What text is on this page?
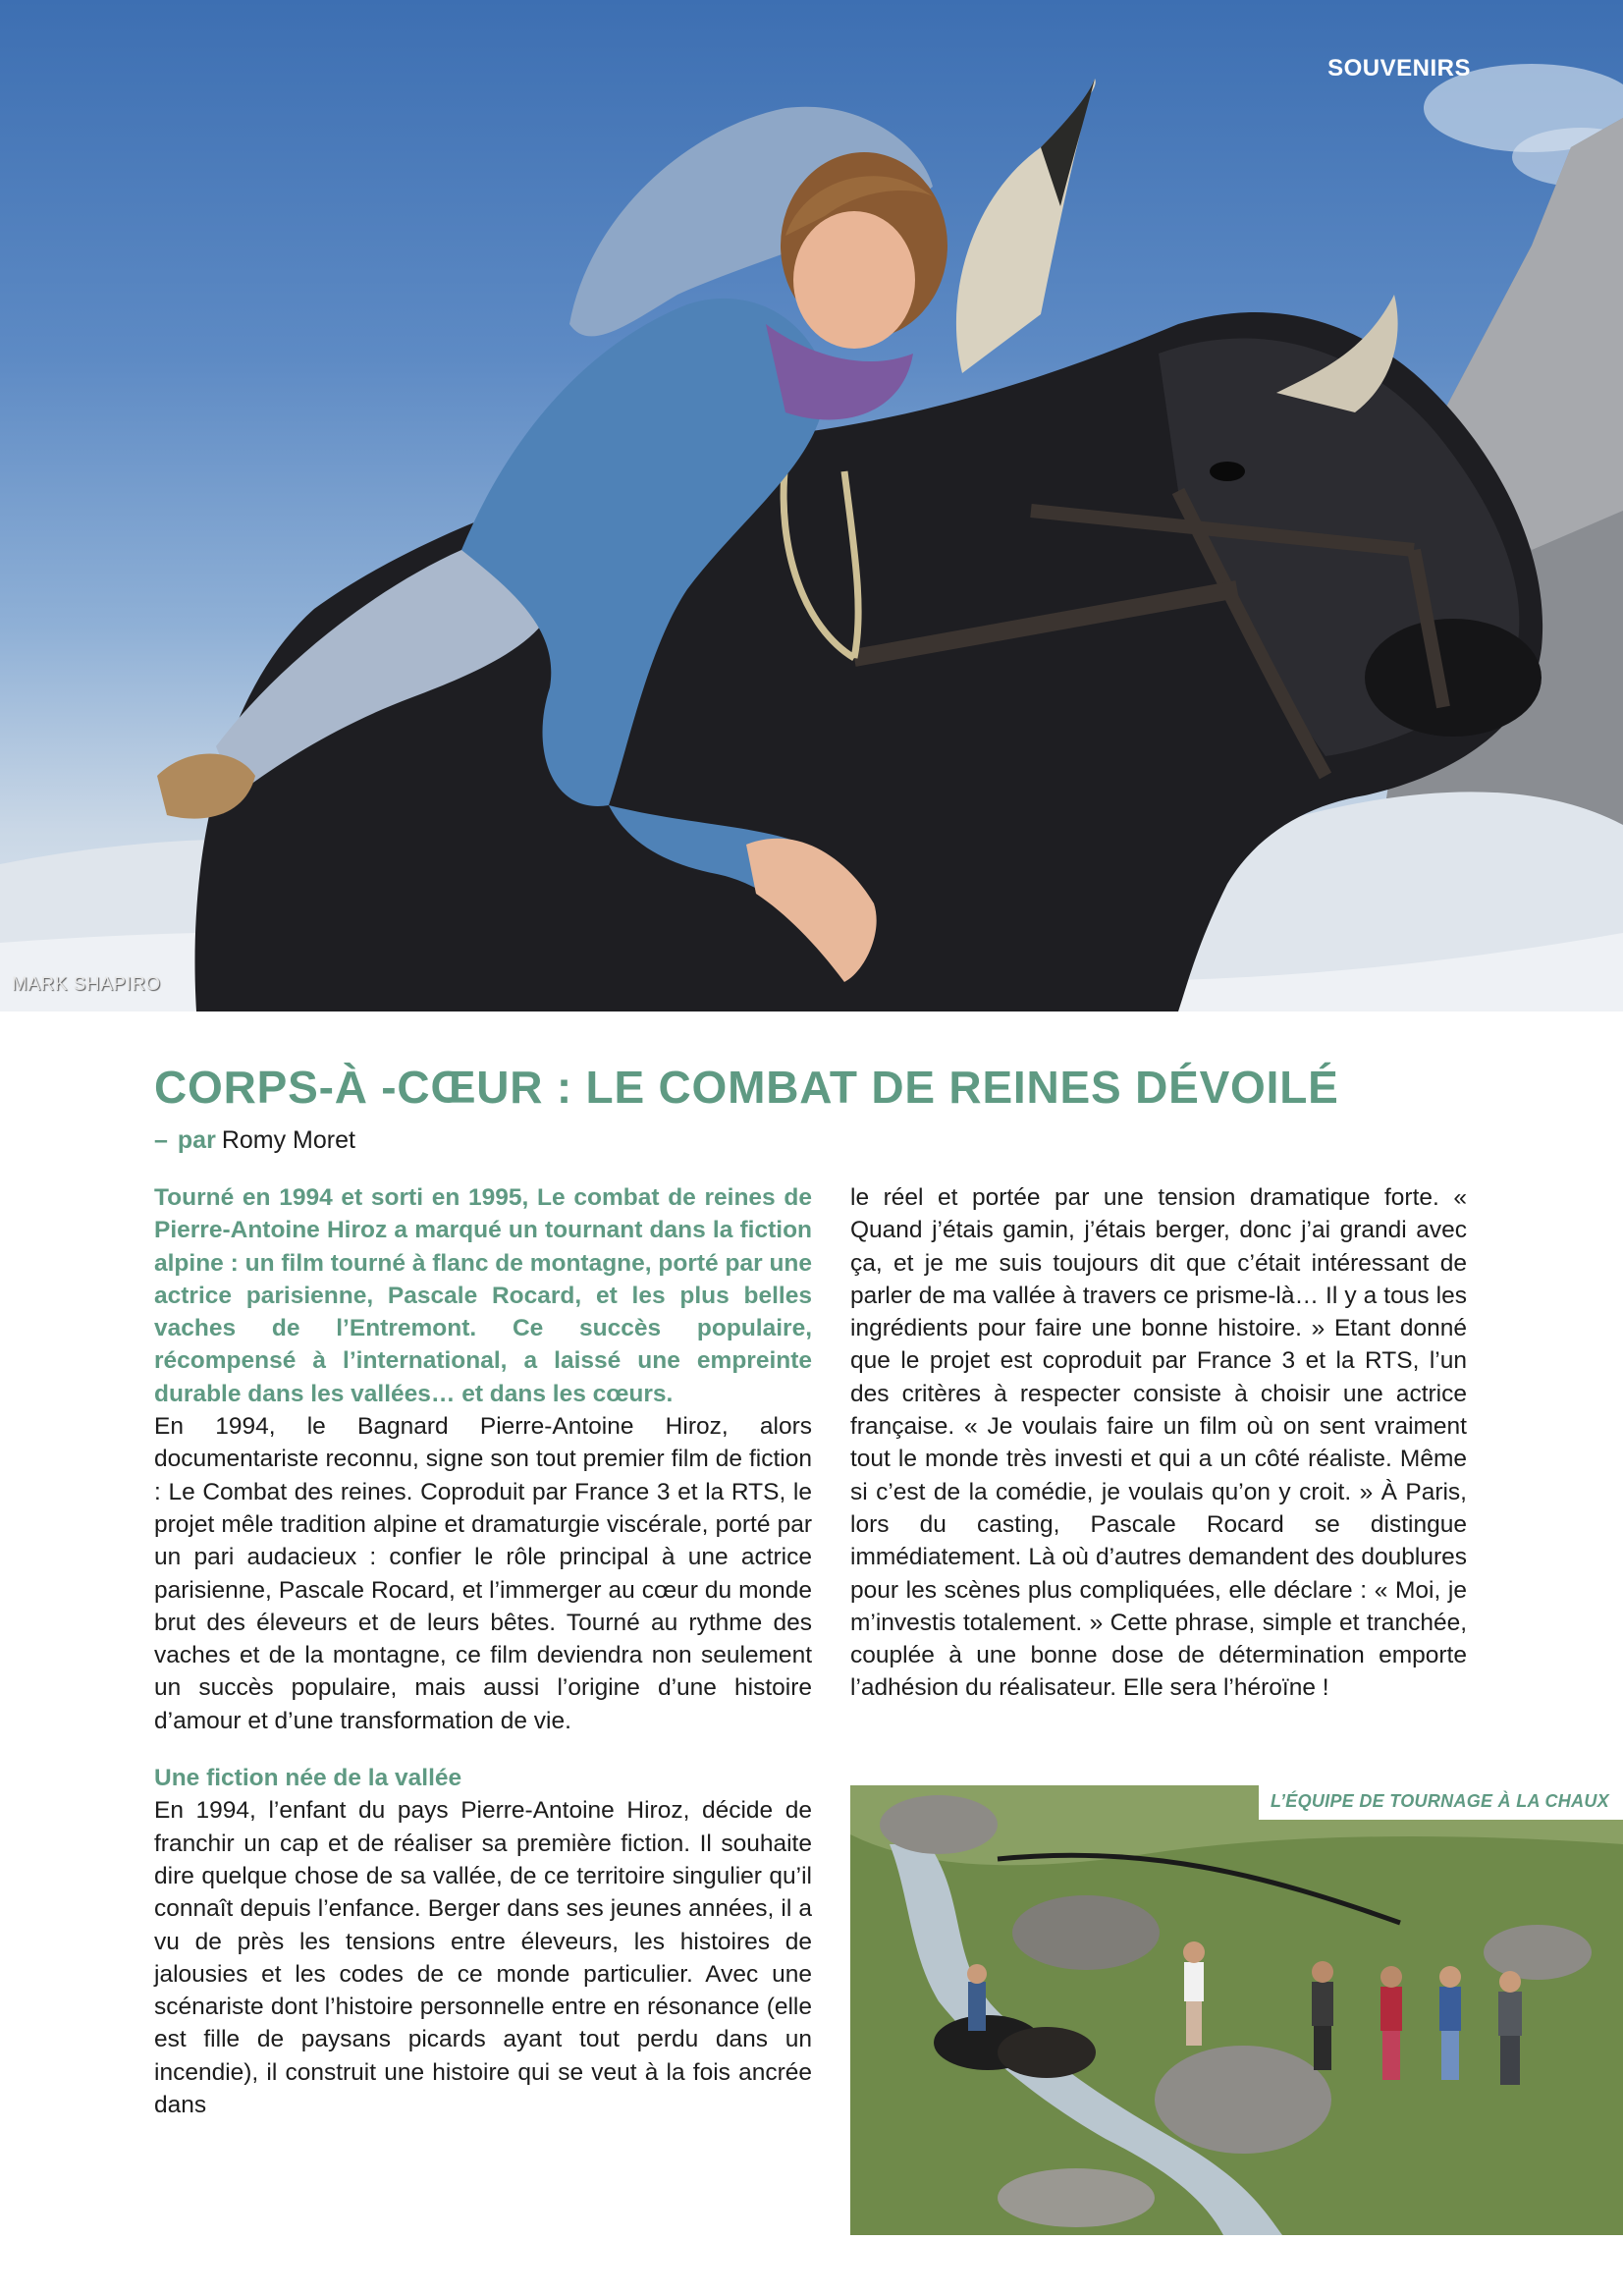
SOUVENIRS
MARK SHAPIRO
CORPS-À -CŒUR : LE COMBAT DE REINES DÉVOILÉ
– par Romy Moret

Tourné en 1994 et sorti en 1995, Le combat de reines de Pierre-Antoine Hiroz a marqué un tournant dans la fiction alpine : un film tourné à flanc de montagne, porté par une actrice parisienne, Pascale Rocard, et les plus belles vaches de l’Entremont. Ce succès populaire, récompensé à l’international, a laissé une empreinte durable dans les vallées… et dans les cœurs.

En 1994, le Bagnard Pierre-Antoine Hiroz, alors documentariste reconnu, signe son tout premier film de fiction : Le Combat des reines. Coproduit par France 3 et la RTS, le projet mêle tradition alpine et dramaturgie viscérale, porté par un pari audacieux : confier le rôle principal à une actrice parisienne, Pascale Rocard, et l’immerger au cœur du monde brut des éleveurs et de leurs bêtes. Tourné au rythme des vaches et de la montagne, ce film deviendra non seulement un succès populaire, mais aussi l’origine d’une histoire d’amour et d’une transformation de vie.

Une fiction née de la vallée

En 1994, l’enfant du pays Pierre-Antoine Hiroz, décide de franchir un cap et de réaliser sa première fiction. Il souhaite dire quelque chose de sa vallée, de ce territoire singulier qu’il connaît depuis l’enfance. Berger dans ses jeunes années, il a vu de près les tensions entre éleveurs, les histoires de jalousies et les codes de ce monde particulier. Avec une scénariste dont l’histoire personnelle entre en résonance (elle est fille de paysans picards ayant tout perdu dans un incendie), il construit une histoire qui se veut à la fois ancrée dans

le réel et portée par une tension dramatique forte. « Quand j’étais gamin, j’étais berger, donc j’ai grandi avec ça, et je me suis toujours dit que c’était intéressant de parler de ma vallée à travers ce prisme-là… Il y a tous les ingrédients pour faire une bonne histoire. » Etant donné que le projet est coproduit par France 3 et la RTS, l’un des critères à respecter consiste à choisir une actrice française. « Je voulais faire un film où on sent vraiment tout le monde très investi et qui a un côté réaliste. Même si c’est de la comédie, je voulais qu’on y croit. » À Paris, lors du casting, Pascale Rocard se distingue immédiatement. Là où d’autres demandent des doublures pour les scènes plus compliquées, elle déclare : « Moi, je m’investis totalement. » Cette phrase, simple et tranchée, couplée à une bonne dose de détermination emporte l’adhésion du réalisateur. Elle sera l’héroïne !

L’ÉQUIPE DE TOURNAGE À LA CHAUX
